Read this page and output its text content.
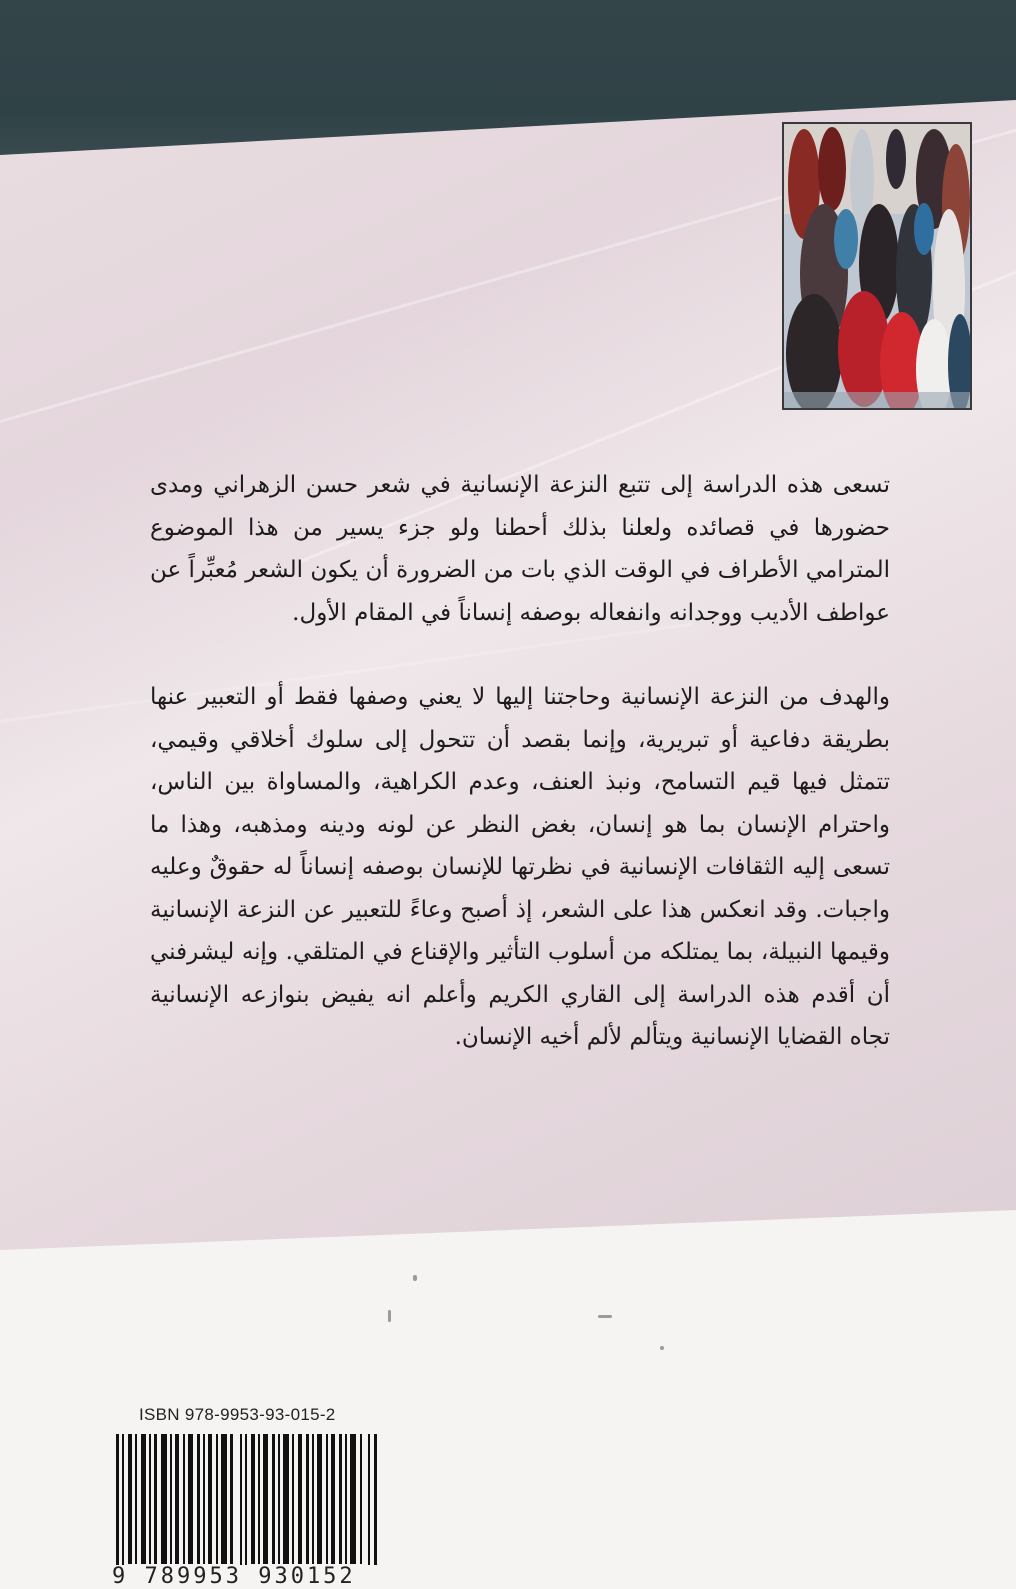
تسعى هذه الدراسة إلى تتبع النزعة الإنسانية في شعر حسن الزهراني ومدى حضورها في قصائده ولعلنا بذلك أحطنا ولو جزء يسير من هذا الموضوع المترامي الأطراف في الوقت الذي بات من الضرورة أن يكون الشعر مُعبِّراً عن عواطف الأديب ووجدانه وانفعاله بوصفه إنساناً في المقام الأول.
والهدف من النزعة الإنسانية وحاجتنا إليها لا يعني وصفها فقط أو التعبير عنها بطريقة دفاعية أو تبريرية، وإنما بقصد أن تتحول إلى سلوك أخلاقي وقيمي، تتمثل فيها قيم التسامح، ونبذ العنف، وعدم الكراهية، والمساواة بين الناس، واحترام الإنسان بما هو إنسان، بغض النظر عن لونه ودينه ومذهبه، وهذا ما تسعى إليه الثقافات الإنسانية في نظرتها للإنسان بوصفه إنساناً له حقوقٌ وعليه واجبات. وقد انعكس هذا على الشعر، إذ أصبح وعاءً للتعبير عن النزعة الإنسانية وقيمها النبيلة، بما يمتلكه من أسلوب التأثير والإقناع في المتلقي. وإنه ليشرفني أن أقدم هذه الدراسة إلى القاري الكريم وأعلم انه يفيض بنوازعه الإنسانية تجاه القضايا الإنسانية ويتألم لألم أخيه الإنسان.
ISBN 978-9953-93-015-2
9 789953 930152
